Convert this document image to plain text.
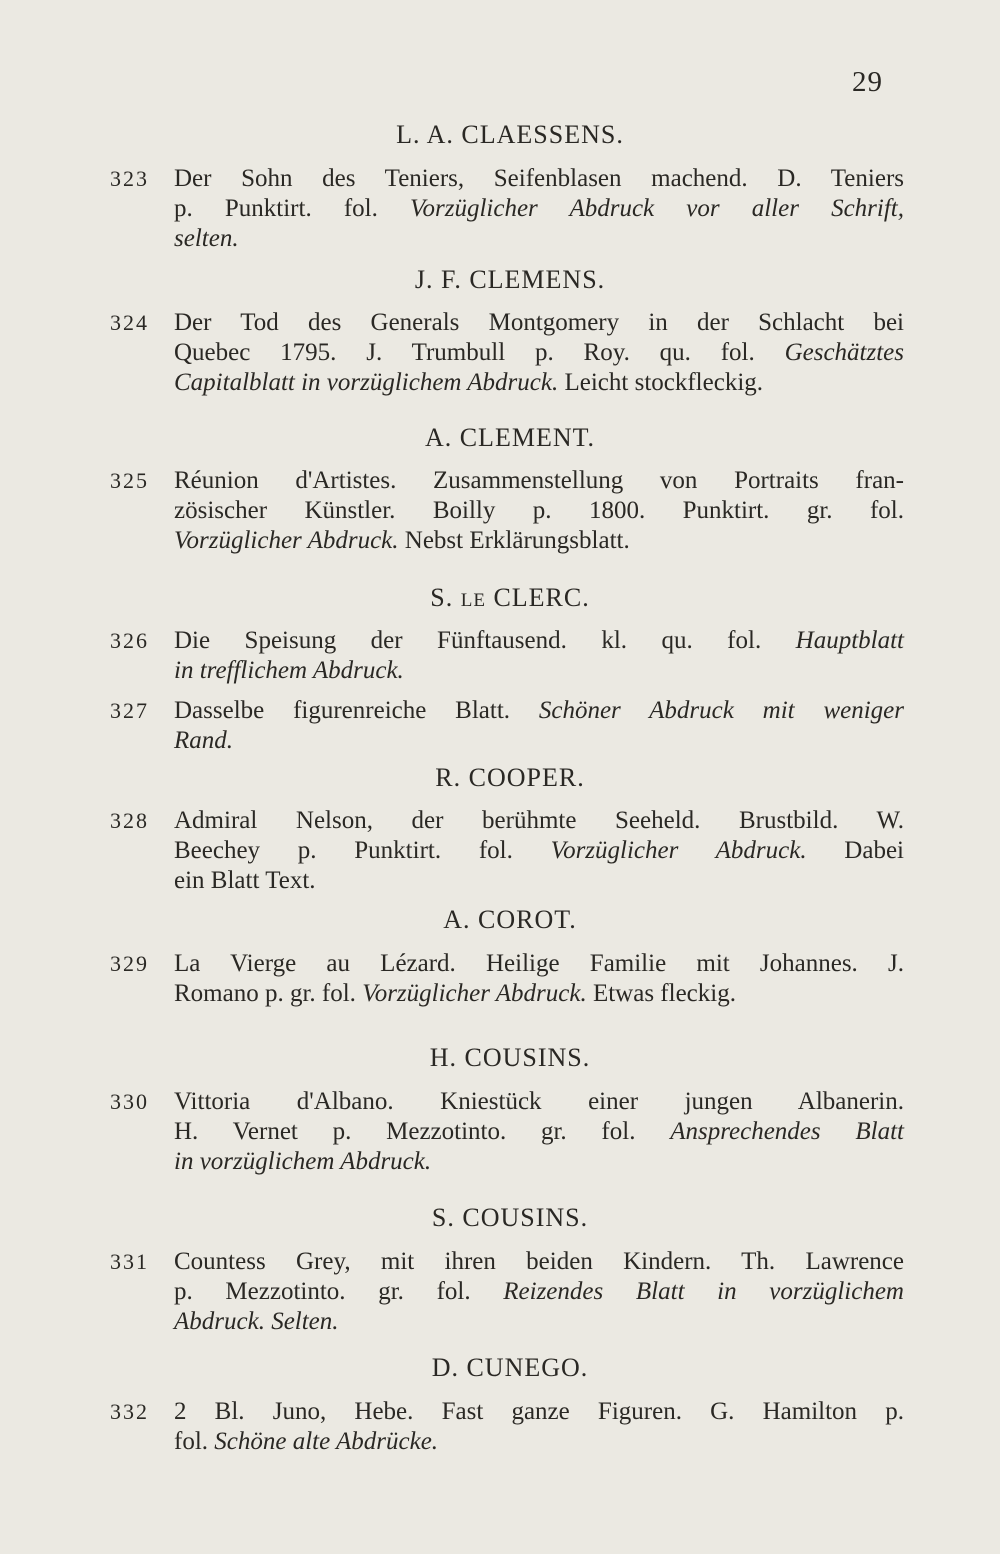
29
L. A. CLAESSENS.
323 Der Sohn des Teniers, Seifenblasen machend. D. Teniers
p. Punktirt. fol. Vorzüglicher Abdruck vor aller Schrift,
selten.
J. F. CLEMENS.
324 Der Tod des Generals Montgomery in der Schlacht bei
Quebec 1795. J. Trumbull p. Roy. qu. fol. Geschätztes
Capitalblatt in vorzüglichem Abdruck. Leicht stockfleckig.
A. CLEMENT.
325 Réunion d'Artistes. Zusammenstellung von Portraits fran-
zösischer Künstler. Boilly p. 1800. Punktirt. gr. fol.
Vorzüglicher Abdruck. Nebst Erklärungsblatt.
S. LE CLERC.
326 Die Speisung der Fünftausend. kl. qu. fol. Hauptblatt
in trefflichem Abdruck.
327 Dasselbe figurenreiche Blatt. Schöner Abdruck mit weniger
Rand.
R. COOPER.
328 Admiral Nelson, der berühmte Seeheld. Brustbild. W.
Beechey p. Punktirt. fol. Vorzüglicher Abdruck. Dabei
ein Blatt Text.
A. COROT.
329 La Vierge au Lézard. Heilige Familie mit Johannes. J.
Romano p. gr. fol. Vorzüglicher Abdruck. Etwas fleckig.
H. COUSINS.
330 Vittoria d'Albano. Kniestück einer jungen Albanerin.
H. Vernet p. Mezzotinto. gr. fol. Ansprechendes Blatt
in vorzüglichem Abdruck.
S. COUSINS.
331 Countess Grey, mit ihren beiden Kindern. Th. Lawrence
p. Mezzotinto. gr. fol. Reizendes Blatt in vorzüglichem
Abdruck. Selten.
D. CUNEGO.
332 2 Bl. Juno, Hebe. Fast ganze Figuren. G. Hamilton p.
fol. Schöne alte Abdrücke.
